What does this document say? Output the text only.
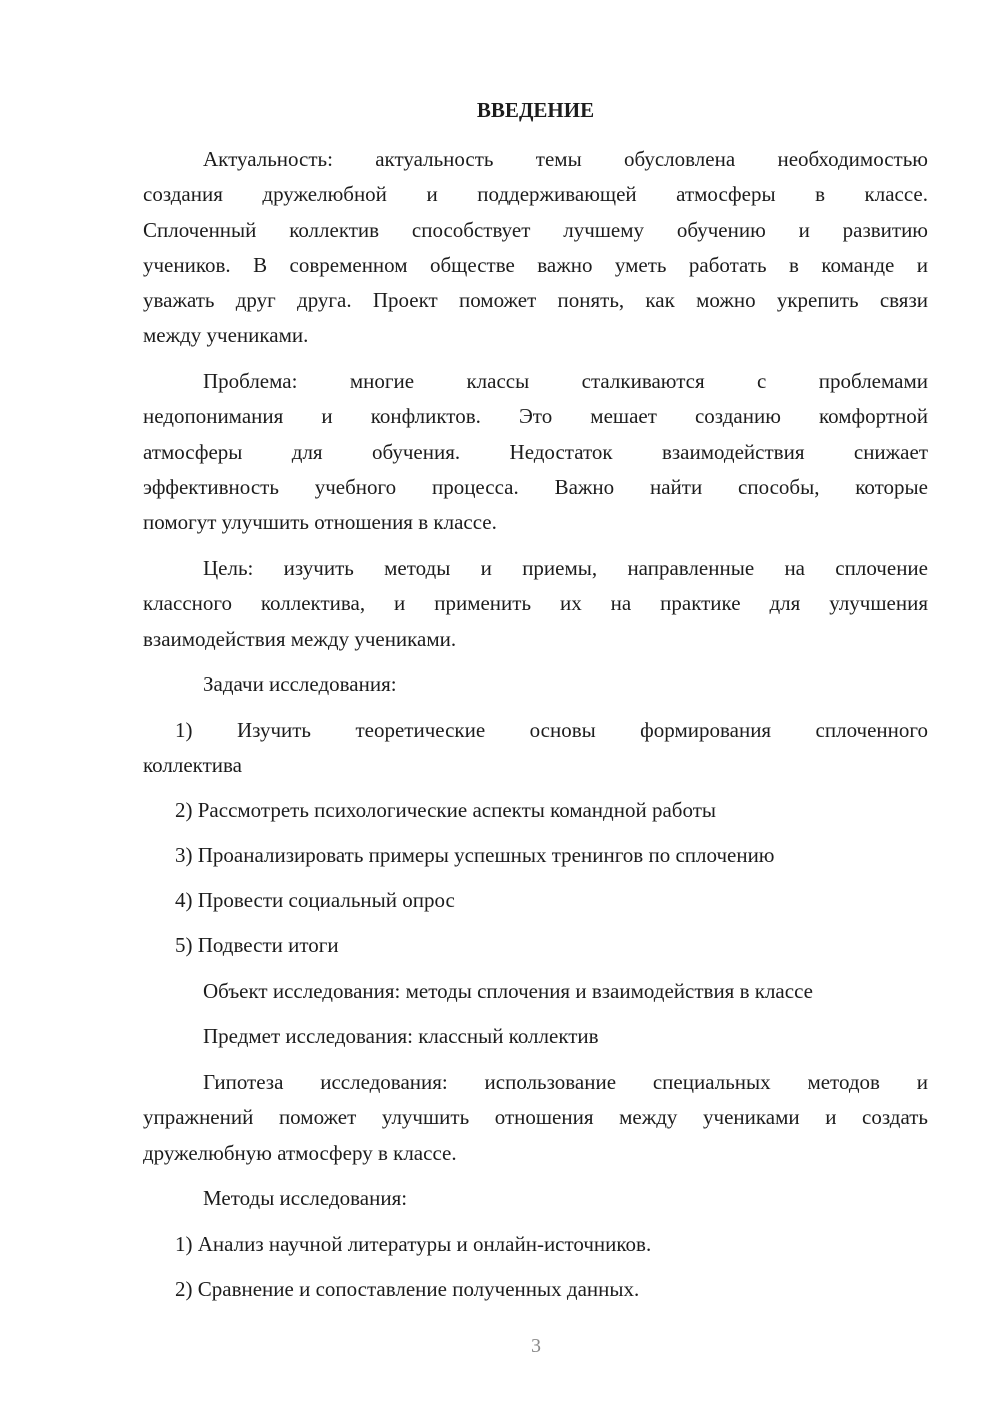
ВВЕДЕНИЕ
Актуальность: актуальность темы обусловлена необходимостью
создания дружелюбной и поддерживающей атмосферы в классе.
Сплоченный коллектив способствует лучшему обучению и развитию
учеников. В современном обществе важно уметь работать в команде и
уважать друг друга. Проект поможет понять, как можно укрепить связи
между учениками.
Проблема: многие классы сталкиваются с проблемами
недопонимания и конфликтов. Это мешает созданию комфортной
атмосферы для обучения. Недостаток взаимодействия снижает
эффективность учебного процесса. Важно найти способы, которые
помогут улучшить отношения в классе.
Цель: изучить методы и приемы, направленные на сплочение
классного коллектива, и применить их на практике для улучшения
взаимодействия между учениками.
Задачи исследования:
1) Изучить теоретические основы формирования сплоченного
коллектива
2) Рассмотреть психологические аспекты командной работы
3) Проанализировать примеры успешных тренингов по сплочению
4) Провести социальный опрос
5) Подвести итоги
Объект исследования: методы сплочения и взаимодействия в классе
Предмет исследования: классный коллектив
Гипотеза исследования: использование специальных методов и
упражнений поможет улучшить отношения между учениками и создать
дружелюбную атмосферу в классе.
Методы исследования:
1) Анализ научной литературы и онлайн-источников.
2) Сравнение и сопоставление полученных данных.
3
